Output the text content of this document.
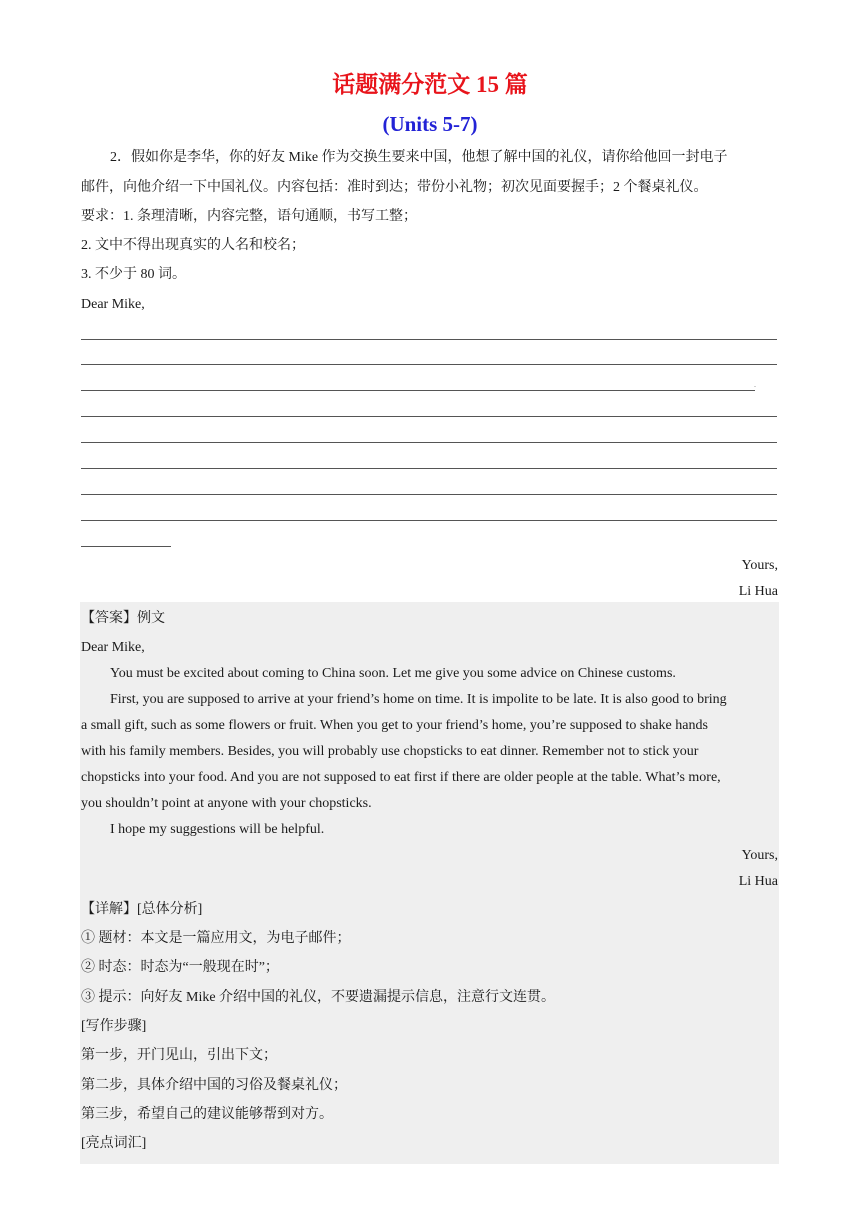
话题满分范文 15 篇
(Units 5-7)
2．假如你是李华，你的好友 Mike 作为交换生要来中国，他想了解中国的礼仪，请你给他回一封电子
邮件，向他介绍一下中国礼仪。内容包括：准时到达；带份小礼物；初次见面要握手；2 个餐桌礼仪。
要求：1. 条理清晰，内容完整，语句通顺，书写工整；
2. 文中不得出现真实的人名和校名；
3. 不少于 80 词。
Dear Mike,
.
Yours,
Li Hua
【答案】例文
Dear Mike,
You must be excited about coming to China soon. Let me give you some advice on Chinese customs.
First, you are supposed to arrive at your friend’s home on time. It is impolite to be late. It is also good to bring
a small gift, such as some flowers or fruit. When you get to your friend’s home, you’re supposed to shake hands
with his family members. Besides, you will probably use chopsticks to eat dinner. Remember not to stick your
chopsticks into your food. And you are not supposed to eat first if there are older people at the table. What’s more,
you shouldn’t point at anyone with your chopsticks.
I hope my suggestions will be helpful.
Yours,
Li Hua
【详解】[总体分析]
① 题材：本文是一篇应用文，为电子邮件；
② 时态：时态为“一般现在时”；
③ 提示：向好友 Mike 介绍中国的礼仪，不要遗漏提示信息，注意行文连贯。
[写作步骤]
第一步，开门见山，引出下文；
第二步，具体介绍中国的习俗及餐桌礼仪；
第三步，希望自己的建议能够帮到对方。
[亮点词汇]
